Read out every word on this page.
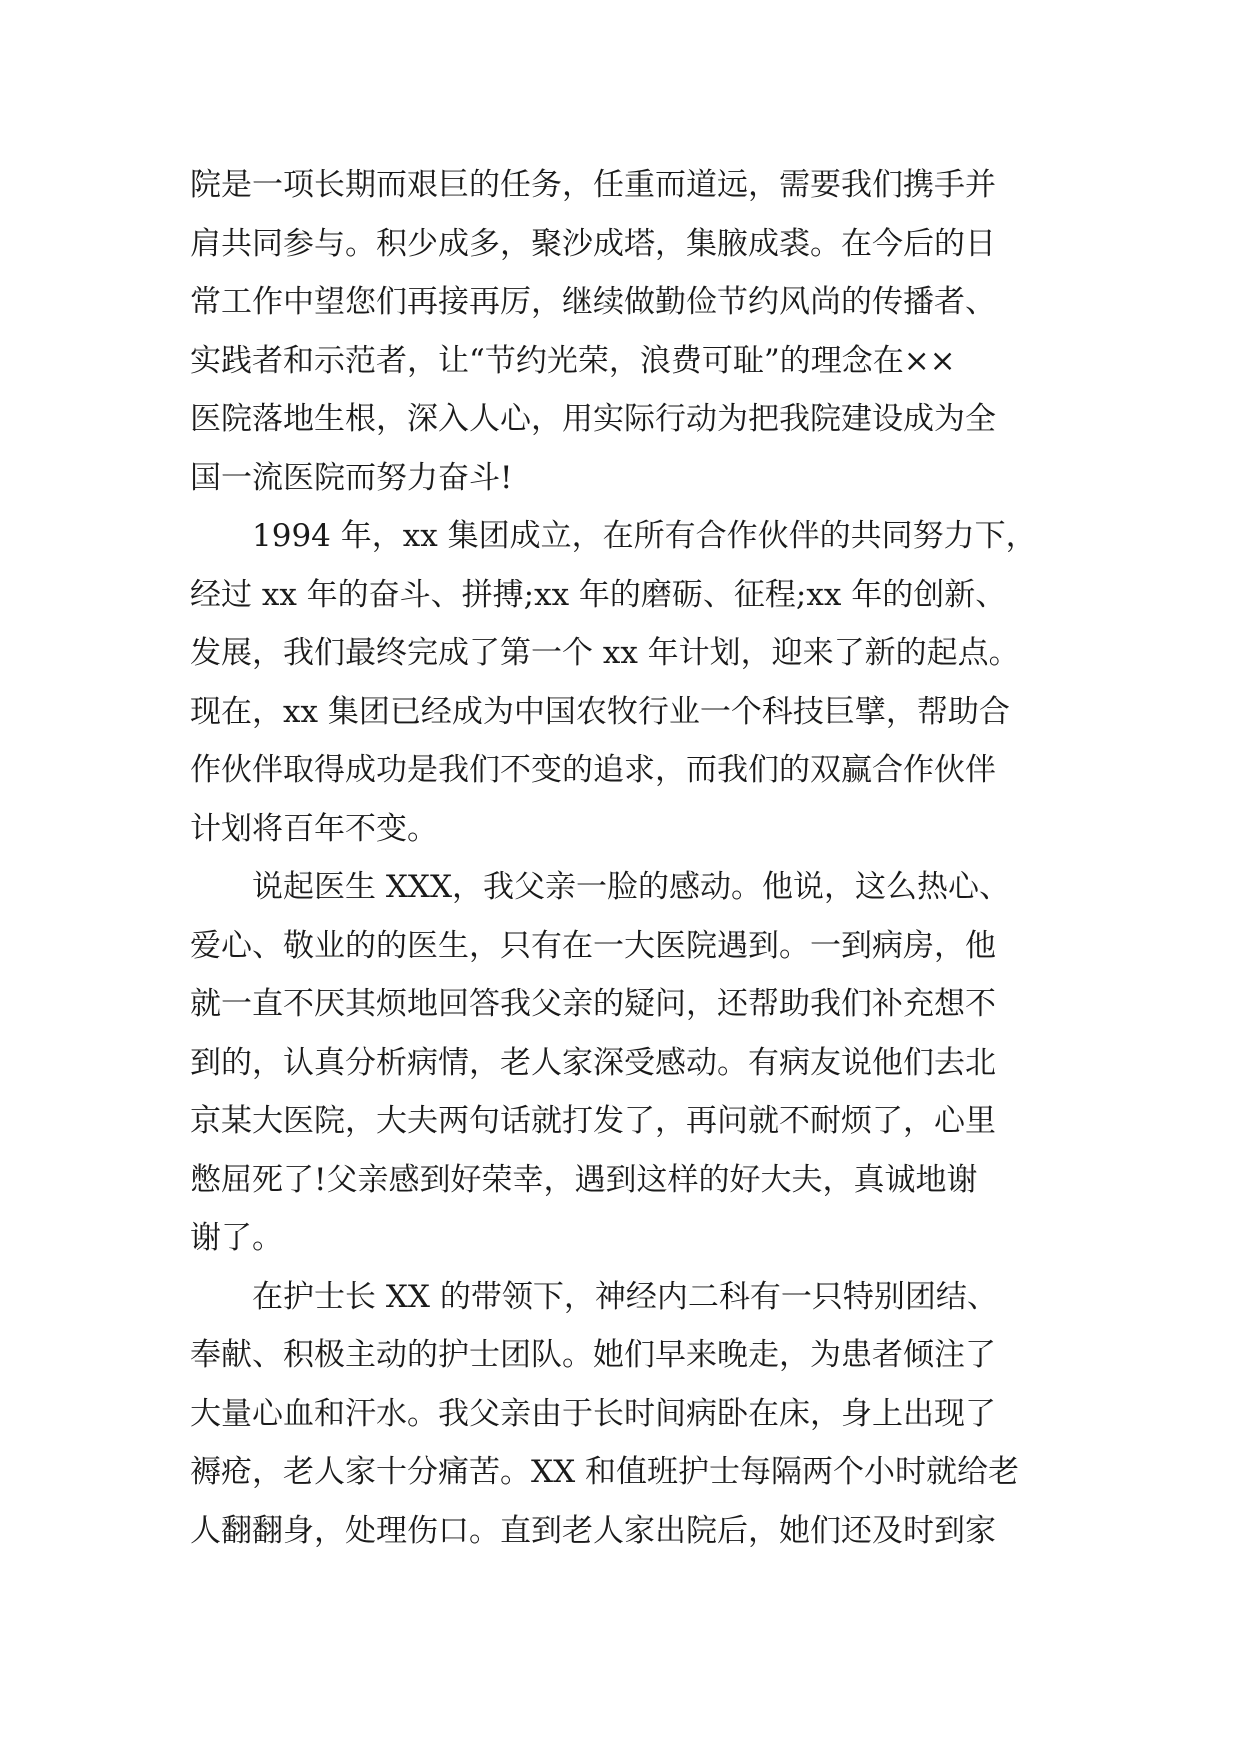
院是一项长期而艰巨的任务，任重而道远，需要我们携手并

肩共同参与。积少成多，聚沙成塔，集腋成裘。在今后的日

常工作中望您们再接再厉，继续做勤俭节约风尚的传播者、

实践者和示范者，让“节约光荣，浪费可耻”的理念在××

医院落地生根，深入人心，用实际行动为把我院建设成为全

国一流医院而努力奋斗!

1994 年，xx 集团成立，在所有合作伙伴的共同努力下，

经过 xx 年的奋斗、拼搏;xx 年的磨砺、征程;xx 年的创新、

发展，我们最终完成了第一个 xx 年计划，迎来了新的起点。

现在，xx 集团已经成为中国农牧行业一个科技巨擘，帮助合

作伙伴取得成功是我们不变的追求，而我们的双赢合作伙伴

计划将百年不变。

说起医生 XXX，我父亲一脸的感动。他说，这么热心、

爱心、敬业的的医生，只有在一大医院遇到。一到病房，他

就一直不厌其烦地回答我父亲的疑问，还帮助我们补充想不

到的，认真分析病情，老人家深受感动。有病友说他们去北

京某大医院，大夫两句话就打发了，再问就不耐烦了，心里

憋屈死了!父亲感到好荣幸，遇到这样的好大夫，真诚地谢

谢了。

在护士长 XX 的带领下，神经内二科有一只特别团结、

奉献、积极主动的护士团队。她们早来晚走，为患者倾注了

大量心血和汗水。我父亲由于长时间病卧在床，身上出现了

褥疮，老人家十分痛苦。XX 和值班护士每隔两个小时就给老

人翻翻身，处理伤口。直到老人家出院后，她们还及时到家
